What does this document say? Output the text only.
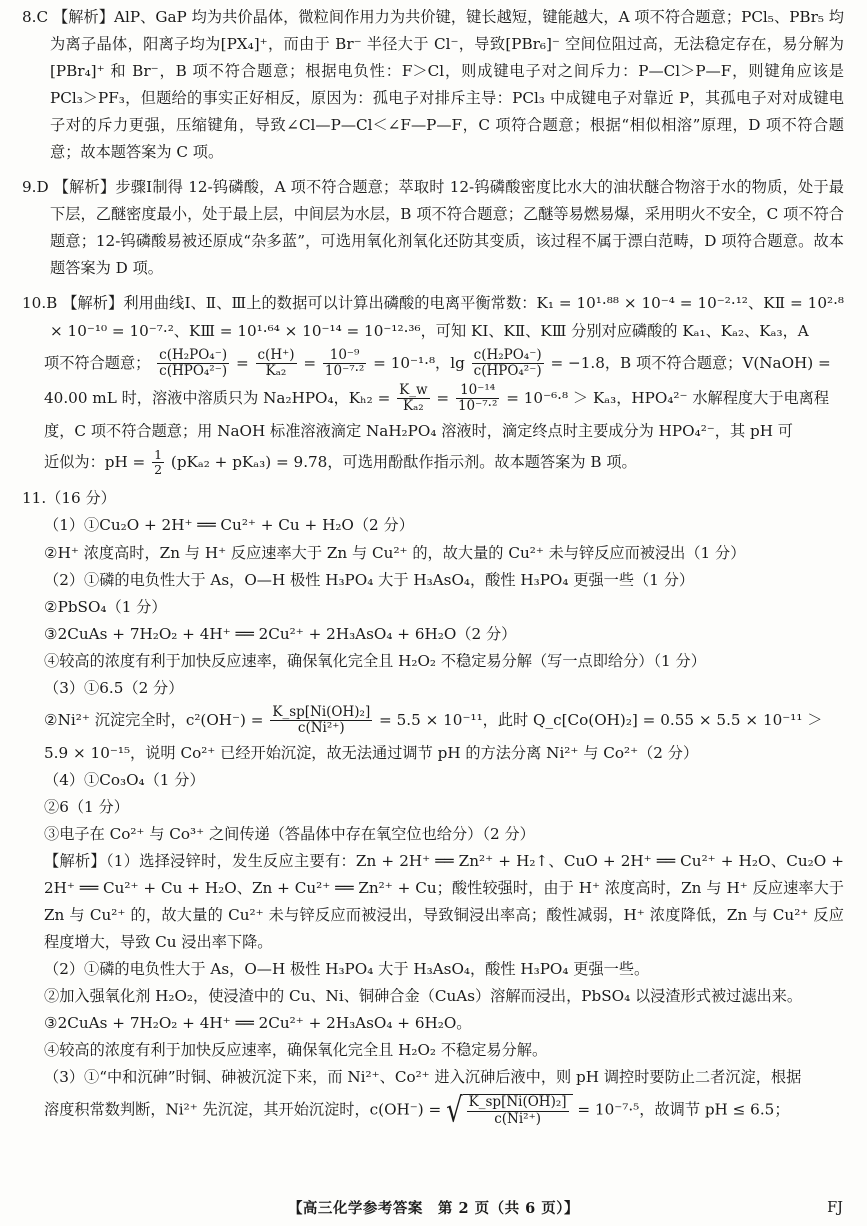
8.C 【解析】AlP、GaP 均为共价晶体，微粒间作用力为共价键，键长越短，键能越大，A 项不符合题意；PCl₅、PBr₅ 均为离子晶体，阳离子均为[PX₄]⁺，而由于 Br⁻ 半径大于 Cl⁻，导致[PBr₆]⁻ 空间位阻过高，无法稳定存在，易分解为[PBr₄]⁺ 和 Br⁻，B 项不符合题意；根据电负性：F＞Cl，则成键电子对之间斥力：P—Cl＞P—F，则键角应该是 PCl₃＞PF₃，但题给的事实正好相反，原因为：孤电子对排斥主导：PCl₃ 中成键电子对靠近 P，其孤电子对对成键电子对的斥力更强，压缩键角，导致∠Cl—P—Cl＜∠F—P—F，C 项符合题意；根据“相似相溶”原理，D 项不符合题意；故本题答案为 C 项。

9.D 【解析】步骤Ⅰ制得 12-钨磷酸，A 项不符合题意；萃取时 12-钨磷酸密度比水大的油状醚合物溶于水的物质，处于最下层，乙醚密度最小，处于最上层，中间层为水层，B 项不符合题意；乙醚等易燃易爆，采用明火不安全，C 项不符合题意；12-钨磷酸易被还原成“杂多蓝”，可选用氧化剂氧化还防其变质，该过程不属于漂白范畴，D 项符合题意。故本题答案为 D 项。

10.B 【解析】利用曲线Ⅰ、Ⅱ、Ⅲ上的数据可以计算出磷酸的电离平衡常数：K₁ = 10¹·⁸⁸ × 10⁻⁴ = 10⁻²·¹²、KⅡ = 10²·⁸ × 10⁻¹⁰ = 10⁻⁷·²、KⅢ = 10¹·⁶⁴ × 10⁻¹⁴ = 10⁻¹²·³⁶，可知 KⅠ、KⅡ、KⅢ 分别对应磷酸的 Kₐ₁、Kₐ₂、Kₐ₃，A

项不符合题意； $\frac{\text{c(H₂PO₄⁻)}}{\text{c(HPO₄²⁻)}} = \frac{c(H^+)}{\text{Kₐ₂}} = \frac{\text{10⁻⁹}}{\text{10⁻⁷·²}} = 10^{-1}\cdot^8$，$\lg \frac{\text{c(H₂PO₄⁻)}}{\text{c(HPO₄²⁻)}} = -1.8$，B 项不符合题意；V(NaOH) =
40.00 mL 时，溶液中溶质只为 Na₂HPO₄，$K_{h2} = \frac{K\_w}{\text{Kₐ₂}} = \frac{\text{10⁻¹⁴}}{\text{10⁻⁷·²}} = 10^{-6}\cdot^8 > K_{a3}$，HPO₄²⁻ 水解程度大于电离程

度，C 项不符合题意；用 NaOH 标准溶液滴定 NaH₂PO₄ 溶液时，滴定终点时主要成分为 HPO₄²⁻，其 pH 可

近似为：pH = $\frac{1}{2} (pK_{a2} + pK_{a3}) = 9.78$，可选用酚酞作指示剂。故本题答案为 B 项。

11.（16 分）

（1）①Cu₂O + 2H⁺ ══ Cu²⁺ + Cu + H₂O（2 分）

②H⁺ 浓度高时，Zn 与 H⁺ 反应速率大于 Zn 与 Cu²⁺ 的，故大量的 Cu²⁺ 未与锌反应而被浸出（1 分）

（2）①磷的电负性大于 As，O—H 极性 H₃PO₄ 大于 H₃AsO₄，酸性 H₃PO₄ 更强一些（1 分）

②PbSO₄（1 分）

③2CuAs + 7H₂O₂ + 4H⁺ ══ 2Cu²⁺ + 2H₃AsO₄ + 6H₂O（2 分）

④较高的浓度有利于加快反应速率，确保氧化完全且 H₂O₂ 不稳定易分解（写一点即给分）（1 分）

（3）①6.5（2 分）

②Ni²⁺ 沉淀完全时，$c^2(OH^-) = \frac{\text{K\_sp[Ni(OH)₂]}}{\text{c(Ni²⁺)}} = 5.5 \times 10^{-11}$，此时 Q_c[Co(OH)₂] = 0.55 × 5.5 × 10⁻¹¹ ＞

5.9 × 10⁻¹⁵，说明 Co²⁺ 已经开始沉淀，故无法通过调节 pH 的方法分离 Ni²⁺ 与 Co²⁺（2 分）

（4）①Co₃O₄（1 分）

②6（1 分）

③电子在 Co²⁺ 与 Co³⁺ 之间传递（答晶体中存在氧空位也给分）（2 分）

【解析】（1）选择浸锌时，发生反应主要有：Zn + 2H⁺ ══ Zn²⁺ + H₂↑、CuO + 2H⁺ ══ Cu²⁺ + H₂O、Cu₂O + 2H⁺ ══ Cu²⁺ + Cu + H₂O、Zn + Cu²⁺ ══ Zn²⁺ + Cu；酸性较强时，由于 H⁺ 浓度高时，Zn 与 H⁺ 反应速率大于 Zn 与 Cu²⁺ 的，故大量的 Cu²⁺ 未与锌反应而被浸出，导致铜浸出率高；酸性减弱，H⁺ 浓度降低，Zn 与 Cu²⁺ 反应程度增大，导致 Cu 浸出率下降。

（2）①磷的电负性大于 As，O—H 极性 H₃PO₄ 大于 H₃AsO₄，酸性 H₃PO₄ 更强一些。

②加入强氧化剂 H₂O₂，使浸渣中的 Cu、Ni、铜砷合金（CuAs）溶解而浸出，PbSO₄ 以浸渣形式被过滤出来。

③2CuAs + 7H₂O₂ + 4H⁺ ══ 2Cu²⁺ + 2H₃AsO₄ + 6H₂O。

④较高的浓度有利于加快反应速率，确保氧化完全且 H₂O₂ 不稳定易分解。

（3）①“中和沉砷”时铜、砷被沉淀下来，而 Ni²⁺、Co²⁺ 进入沉砷后液中，则 pH 调控时要防止二者沉淀，根据

溶度积常数判断，Ni²⁺ 先沉淀，其开始沉淀时，c(OH⁻) = √ $\frac{\text{K\_sp[Ni(OH)₂]}}{\text{c(Ni²⁺)}} = 10^{-7}\cdot^5$，故调节 pH ≤ 6.5；
【高三化学参考答案　第 2 页（共 6 页）】	FJ
